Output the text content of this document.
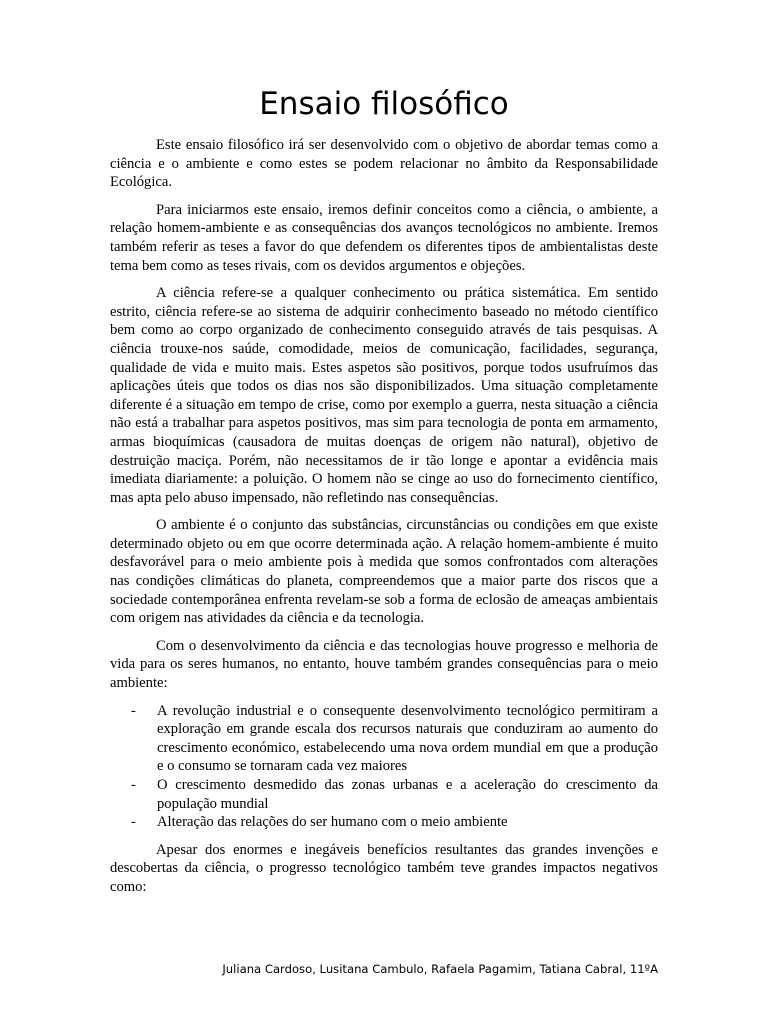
Ensaio filosófico

Este ensaio filosófico irá ser desenvolvido com o objetivo de abordar temas como a ciência e o ambiente e como estes se podem relacionar no âmbito da Responsabilidade Ecológica.

Para iniciarmos este ensaio, iremos definir conceitos como a ciência, o ambiente, a relação homem-ambiente e as consequências dos avanços tecnológicos no ambiente. Iremos também referir as teses a favor do que defendem os diferentes tipos de ambientalistas deste tema bem como as teses rivais, com os devidos argumentos e objeções.

A ciência refere-se a qualquer conhecimento ou prática sistemática. Em sentido estrito, ciência refere-se ao sistema de adquirir conhecimento baseado no método científico bem como ao corpo organizado de conhecimento conseguido através de tais pesquisas. A ciência trouxe-nos saúde, comodidade, meios de comunicação, facilidades, segurança, qualidade de vida e muito mais. Estes aspetos são positivos, porque todos usufruímos das aplicações úteis que todos os dias nos são disponibilizados. Uma situação completamente diferente é a situação em tempo de crise, como por exemplo a guerra, nesta situação a ciência não está a trabalhar para aspetos positivos, mas sim para tecnologia de ponta em armamento, armas bioquímicas (causadora de muitas doenças de origem não natural), objetivo de destruição maciça. Porém, não necessitamos de ir tão longe e apontar a evidência mais imediata diariamente: a poluição. O homem não se cinge ao uso do fornecimento científico, mas apta pelo abuso impensado, não refletindo nas consequências.

O ambiente é o conjunto das substâncias, circunstâncias ou condições em que existe determinado objeto ou em que ocorre determinada ação. A relação homem-ambiente é muito desfavorável para o meio ambiente pois à medida que somos confrontados com alterações nas condições climáticas do planeta, compreendemos que a maior parte dos riscos que a sociedade contemporânea enfrenta revelam-se sob a forma de eclosão de ameaças ambientais com origem nas atividades da ciência e da tecnologia.

Com o desenvolvimento da ciência e das tecnologias houve progresso e melhoria de vida para os seres humanos, no entanto, houve também grandes consequências para o meio ambiente:

- A revolução industrial e o consequente desenvolvimento tecnológico permitiram a exploração em grande escala dos recursos naturais que conduziram ao aumento do crescimento económico, estabelecendo uma nova ordem mundial em que a produção e o consumo se tornaram cada vez maiores
- O crescimento desmedido das zonas urbanas e a aceleração do crescimento da população mundial
- Alteração das relações do ser humano com o meio ambiente

Apesar dos enormes e inegáveis benefícios resultantes das grandes invenções e descobertas da ciência, o progresso tecnológico também teve grandes impactos negativos como:

Juliana Cardoso, Lusitana Cambulo, Rafaela Pagamim, Tatiana Cabral, 11ºA
